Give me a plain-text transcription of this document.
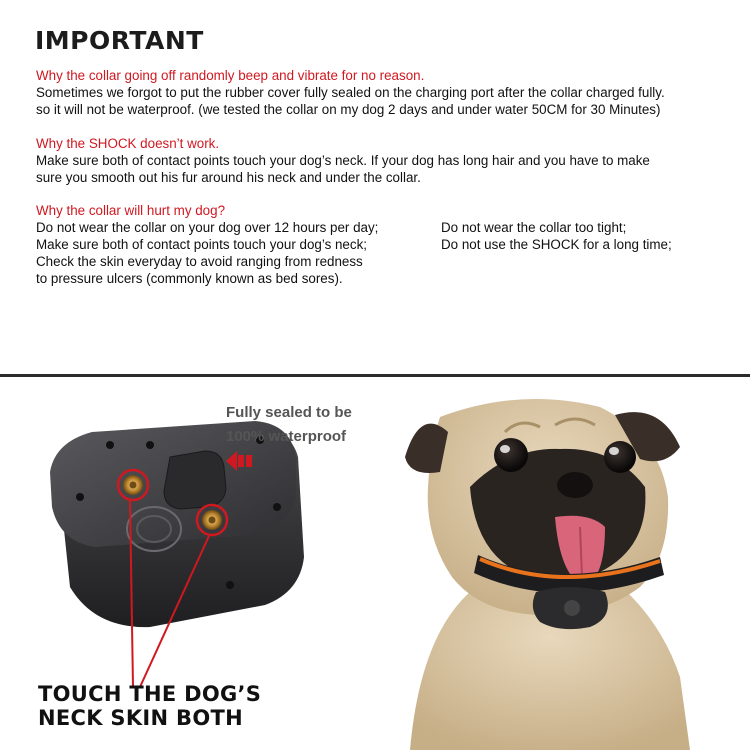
IMPORTANT
Why the collar going off randomly beep and vibrate for no reason.
Sometimes we forgot to put the rubber cover fully sealed on the charging port after the collar charged fully.
so it will not be waterproof. (we tested the collar on my dog 2 days and under water 50CM for 30 Minutes)
Why the SHOCK doesn’t work.
Make sure both of contact points touch your dog’s neck. If your dog has long hair and you have to make
sure you smooth out his fur around his neck and under the collar.
Why the collar will hurt my dog?
Do not wear the collar on your dog over 12 hours per day;
Make sure both of contact points touch your dog’s neck;
Check the skin everyday to avoid ranging from redness
to pressure ulcers (commonly known as bed sores).
Do not wear the collar too tight;
Do not use the SHOCK for a long time;
Fully sealed to be
100% waterproof
TOUCH THE DOG’S
NECK SKIN BOTH
